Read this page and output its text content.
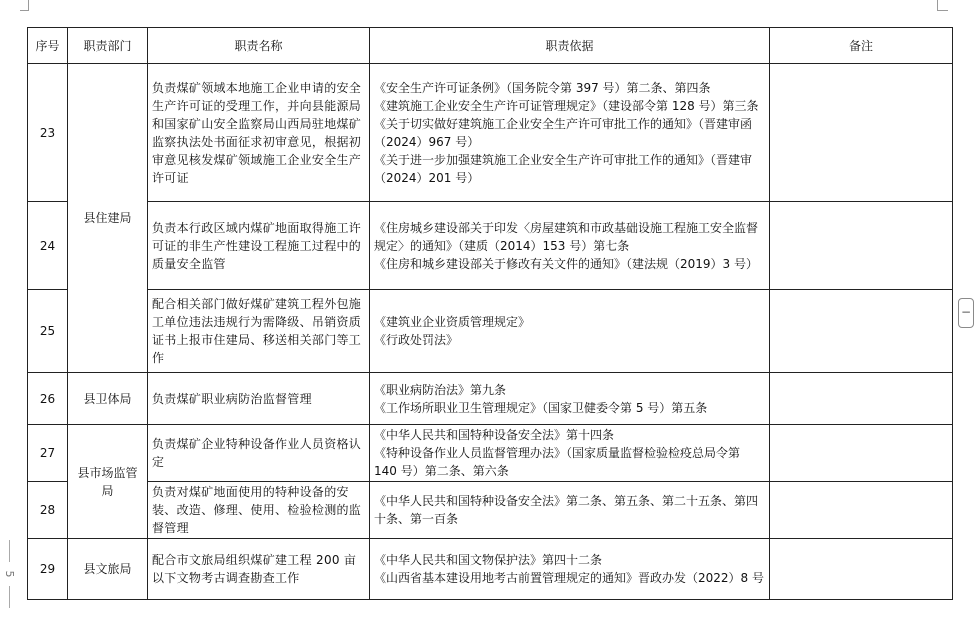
序号	职责部门	职责名称	职责依据	备注
23	县住建局	负责煤矿领域本地施工企业申请的安全生产许可证的受理工作，并向县能源局和国家矿山安全监察局山西局驻地煤矿监察执法处书面征求初审意见，根据初审意见核发煤矿领域施工企业安全生产许可证	《安全生产许可证条例》（国务院令第 397 号）第二条、第四条
《建筑施工企业安全生产许可证管理规定》（建设部令第 128 号）第三条
《关于切实做好建筑施工企业安全生产许可审批工作的通知》（晋建审函（2024）967 号）
《关于进一步加强建筑施工企业安全生产许可审批工作的通知》（晋建审（2024）201 号）	

24		负责本行政区域内煤矿地面取得施工许可证的非生产性建设工程施工过程中的质量安全监管	《住房城乡建设部关于印发〈房屋建筑和市政基础设施工程施工安全监督规定〉的通知》（建质（2014）153 号）第七条
《住房和城乡建设部关于修改有关文件的通知》（建法规（2019）3 号）	

25		配合相关部门做好煤矿建筑工程外包施工单位违法违规行为需降级、吊销资质证书上报市住建局、移送相关部门等工作	《建筑业企业资质管理规定》
《行政处罚法》	

26	县卫体局	负责煤矿职业病防治监督管理	《职业病防治法》第九条
《工作场所职业卫生管理规定》（国家卫健委令第 5 号）第五条	

27	县市场监管局	负责煤矿企业特种设备作业人员资格认定	《中华人民共和国特种设备安全法》第十四条
《特种设备作业人员监督管理办法》（国家质量监督检验检疫总局令第 140 号）第二条、第六条	

28		负责对煤矿地面使用的特种设备的安装、改造、修理、使用、检验检测的监督管理	《中华人民共和国特种设备安全法》第二条、第五条、第二十五条、第四十条、第一百条	

29	县文旅局	配合市文旅局组织煤矿建工程 200 亩以下文物考古调查勘查工作	《中华人民共和国文物保护法》第四十二条
《山西省基本建设用地考古前置管理规定的通知》晋政办发（2022）8 号	

5
−
